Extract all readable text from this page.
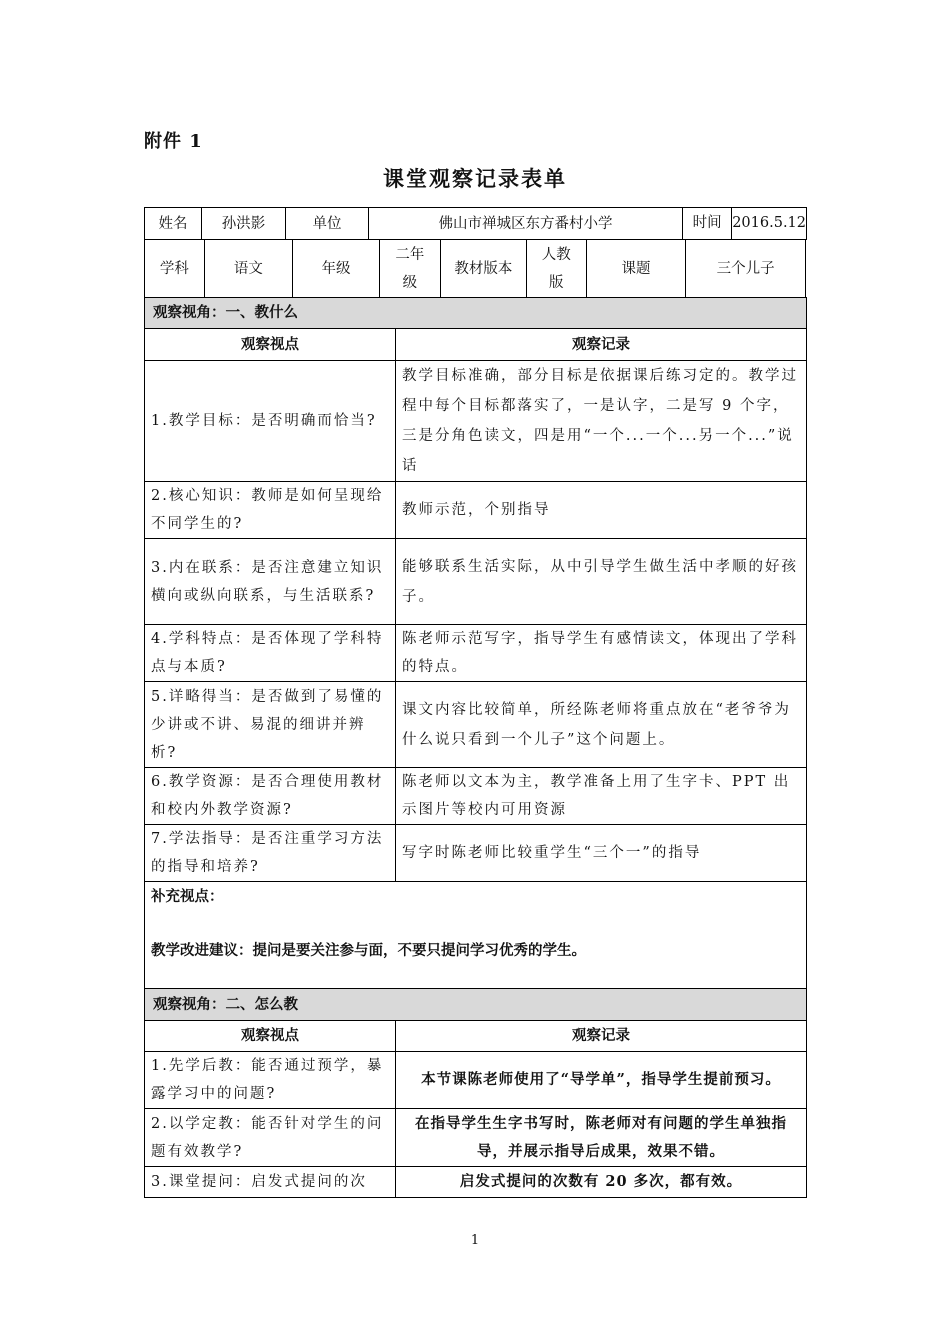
附件 1
课堂观察记录表单
姓名	孙洪影	单位	佛山市禅城区东方番村小学	时间 2016.5.12
学科	语文	年级	二年级	教材版本	人教版	课题	三个儿子
观察视角：一、教什么	
观察视点	观察记录
1.教学目标：是否明确而恰当?	教学目标准确，部分目标是依据课后练习定的。教学过程中每个目标都落实了，一是认字，二是写 9 个字，三是分角色读文，四是用“一个...一个...另一个...”说话
2.核心知识：教师是如何呈现给不同学生的?	教师示范，个别指导
3.内在联系：是否注意建立知识横向或纵向联系，与生活联系?	能够联系生活实际，从中引导学生做生活中孝顺的好孩子。
4.学科特点：是否体现了学科特点与本质?	陈老师示范写字，指导学生有感情读文，体现出了学科的特点。
5.详略得当：是否做到了易懂的少讲或不讲、易混的细讲并辨析?	课文内容比较简单，所经陈老师将重点放在“老爷爷为什么说只看到一个儿子”这个问题上。
6.教学资源：是否合理使用教材和校内外教学资源?	陈老师以文本为主，教学准备上用了生字卡、PPT 出示图片等校内可用资源
7.学法指导：是否注重学习方法的指导和培养?	写字时陈老师比较重学生“三个一”的指导

补充视点：
教学改进建议：提问是要关注参与面，不要只提问学习优秀的学生。	
观察视角：二、怎么教	
观察视点	观察记录
1.先学后教：能否通过预学，暴露学习中的问题?	本节课陈老师使用了“导学单”，指导学生提前预习。
2.以学定教：能否针对学生的问题有效教学?	在指导学生生字书写时，陈老师对有问题的学生单独指导，并展示指导后成果，效果不错。
3.课堂提问：启发式提问的次	启发式提问的次数有 20 多次，都有效。
1
